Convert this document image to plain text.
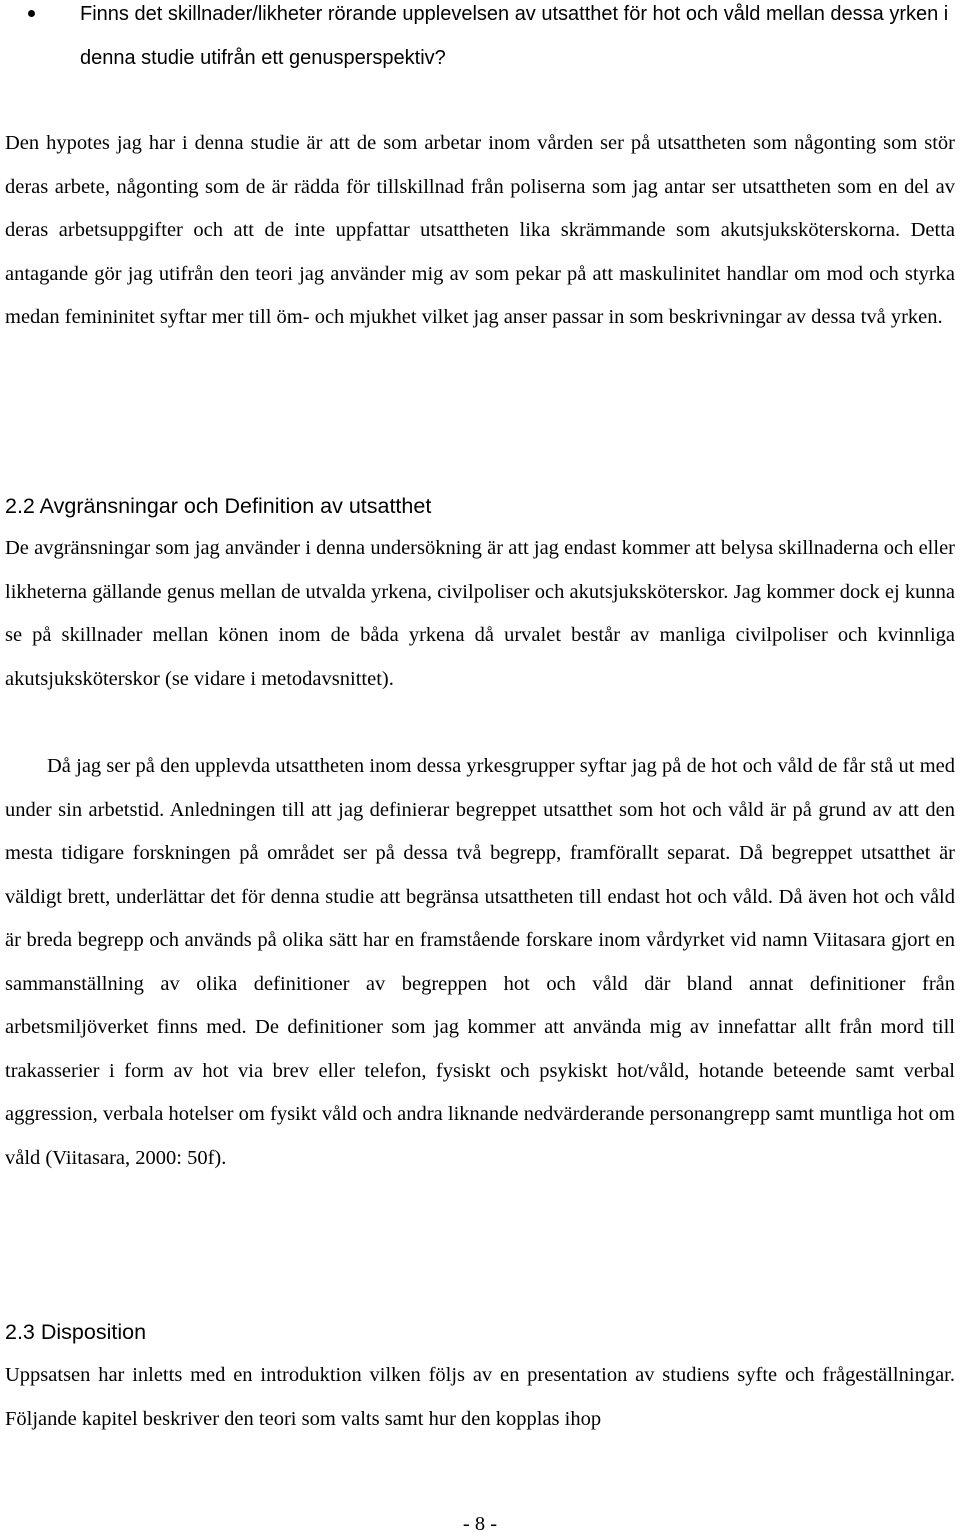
Finns det skillnader/likheter rörande upplevelsen av utsatthet för hot och våld mellan dessa yrken i denna studie utifrån ett genusperspektiv?

Den hypotes jag har i denna studie är att de som arbetar inom vården ser på utsattheten som någonting som stör deras arbete, någonting som de är rädda för tillskillnad från poliserna som jag antar ser utsattheten som en del av deras arbetsuppgifter och att de inte uppfattar utsattheten lika skrämmande som akutsjuksköterskorna. Detta antagande gör jag utifrån den teori jag använder mig av som pekar på att maskulinitet handlar om mod och styrka medan femininitet syftar mer till öm- och mjukhet vilket jag anser passar in som beskrivningar av dessa två yrken.

2.2 Avgränsningar och Definition av utsatthet

De avgränsningar som jag använder i denna undersökning är att jag endast kommer att belysa skillnaderna och eller likheterna gällande genus mellan de utvalda yrkena, civilpoliser och akutsjuksköterskor. Jag kommer dock ej kunna se på skillnader mellan könen inom de båda yrkena då urvalet består av manliga civilpoliser och kvinnliga akutsjuksköterskor (se vidare i metodavsnittet).

Då jag ser på den upplevda utsattheten inom dessa yrkesgrupper syftar jag på de hot och våld de får stå ut med under sin arbetstid. Anledningen till att jag definierar begreppet utsatthet som hot och våld är på grund av att den mesta tidigare forskningen på området ser på dessa två begrepp, framförallt separat. Då begreppet utsatthet är väldigt brett, underlättar det för denna studie att begränsa utsattheten till endast hot och våld. Då även hot och våld är breda begrepp och används på olika sätt har en framstående forskare inom vårdyrket vid namn Viitasara gjort en sammanställning av olika definitioner av begreppen hot och våld där bland annat definitioner från arbetsmiljöverket finns med. De definitioner som jag kommer att använda mig av innefattar allt från mord till trakasserier i form av hot via brev eller telefon, fysiskt och psykiskt hot/våld, hotande beteende samt verbal aggression, verbala hotelser om fysikt våld och andra liknande nedvärderande personangrepp samt muntliga hot om våld (Viitasara, 2000: 50f).

2.3 Disposition

Uppsatsen har inletts med en introduktion vilken följs av en presentation av studiens syfte och frågeställningar. Följande kapitel beskriver den teori som valts samt hur den kopplas ihop

- 8 -
